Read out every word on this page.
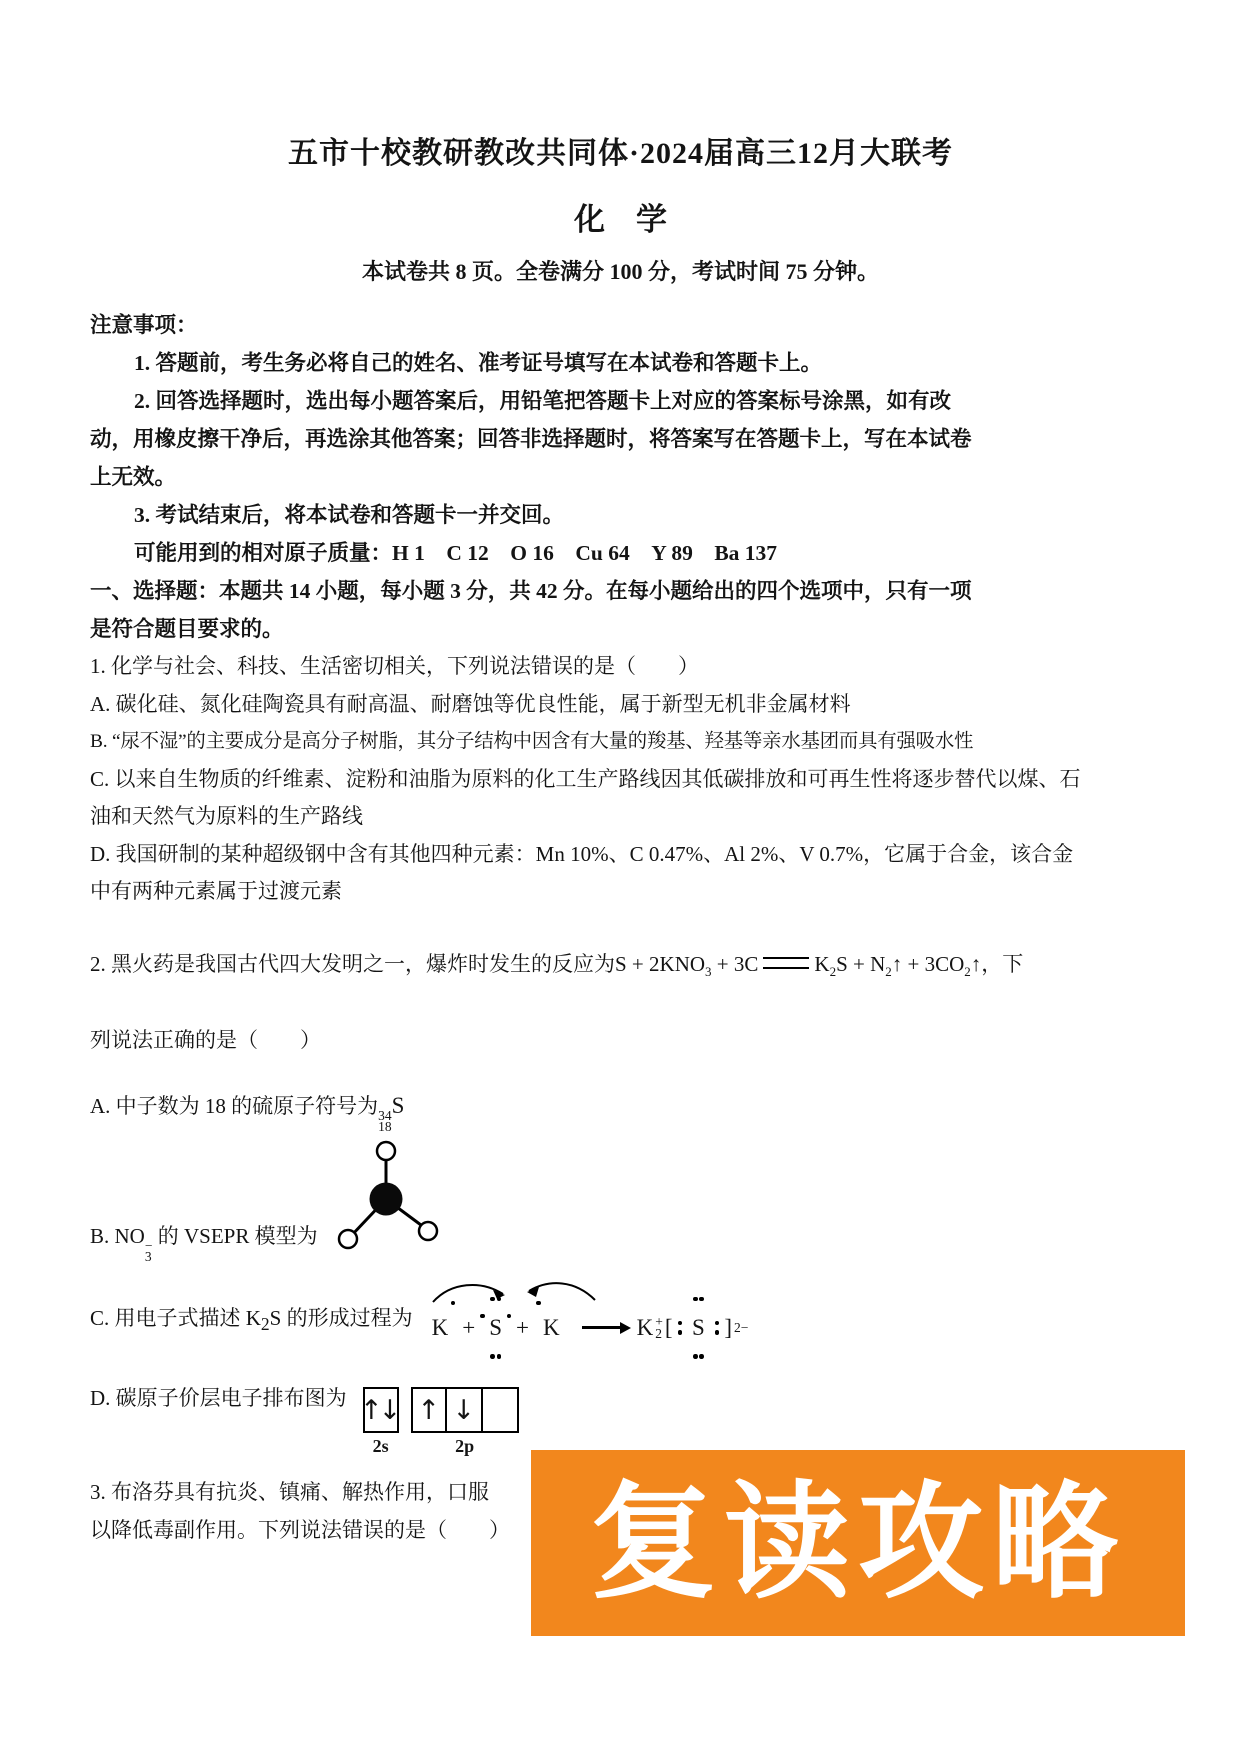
五市十校教研教改共同体·2024届高三12月大联考
化　学
本试卷共 8 页。全卷满分 100 分，考试时间 75 分钟。
注意事项：
1. 答题前，考生务必将自己的姓名、准考证号填写在本试卷和答题卡上。
2. 回答选择题时，选出每小题答案后，用铅笔把答题卡上对应的答案标号涂黑，如有改
动，用橡皮擦干净后，再选涂其他答案；回答非选择题时，将答案写在答题卡上，写在本试卷
上无效。
3. 考试结束后，将本试卷和答题卡一并交回。
可能用到的相对原子质量：H 1　C 12　O 16　Cu 64　Y 89　Ba 137
一、选择题：本题共 14 小题，每小题 3 分，共 42 分。在每小题给出的四个选项中，只有一项
是符合题目要求的。
1. 化学与社会、科技、生活密切相关，下列说法错误的是（　　）
A. 碳化硅、氮化硅陶瓷具有耐高温、耐磨蚀等优良性能，属于新型无机非金属材料
B. “尿不湿”的主要成分是高分子树脂，其分子结构中因含有大量的羧基、羟基等亲水基团而具有强吸水性
C. 以来自生物质的纤维素、淀粉和油脂为原料的化工生产路线因其低碳排放和可再生性将逐步替代以煤、石
油和天然气为原料的生产路线
D. 我国研制的某种超级钢中含有其他四种元素：Mn 10%、C 0.47%、Al 2%、V 0.7%，它属于合金，该合金
中有两种元素属于过渡元素
2. 黑火药是我国古代四大发明之一，爆炸时发生的反应为$S + 2KNO_3 + 3C$	$K_2S$ + $N_2↑$ + $3CO_2↑$，下
列说法正确的是（　　）
A. 中子数为 18 的硫原子符号为 34
18
S
B. NO −
3
的 VSEPR 模型为
C. 用电子式描述 $K_2S$ 的形成过程为 K + S + K → K +
2 [ S ] 2−
D. 碳原子价层电子排布图为 ↑↓
2s
↑ ↓
2p
3. 布洛芬具有抗炎、镇痛、解热作用，口服
以降低毒副作用。下列说法错误的是（　　） 复读攻略
